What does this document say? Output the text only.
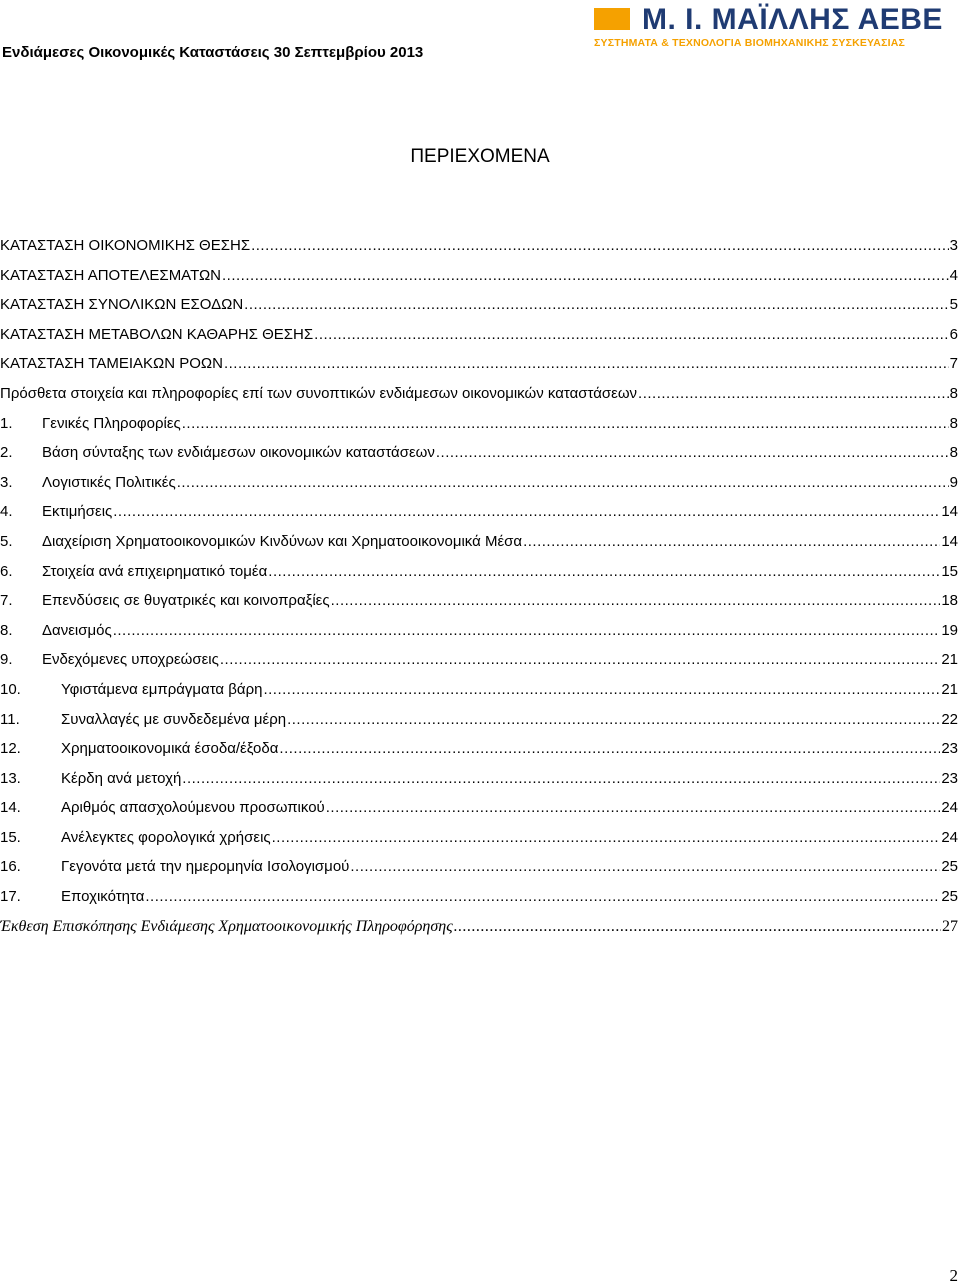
Ενδιάμεσες Οικονομικές Καταστάσεις 30 Σεπτεμβρίου 2013
Μ. Ι. ΜΑΪΛΛΗΣ ΑΕΒΕ
ΣΥΣΤΗΜΑΤΑ & ΤΕΧΝΟΛΟΓΙΑ ΒΙΟΜΗΧΑΝΙΚΗΣ ΣΥΣΚΕΥΑΣΙΑΣ
ΠΕΡΙΕΧΟΜΕΝΑ
ΚΑΤΑΣΤΑΣΗ ΟΙΚΟΝΟΜΙΚΗΣ ΘΕΣΗΣ .....	3
ΚΑΤΑΣΤΑΣΗ ΑΠΟΤΕΛΕΣΜΑΤΩΝ .....	4
ΚΑΤΑΣΤΑΣΗ ΣΥΝΟΛΙΚΩΝ ΕΣΟΔΩΝ .....	5
ΚΑΤΑΣΤΑΣΗ ΜΕΤΑΒΟΛΩΝ ΚΑΘΑΡΗΣ ΘΕΣΗΣ .....	6
ΚΑΤΑΣΤΑΣΗ ΤΑΜΕΙΑΚΩΝ ΡΟΩΝ .....	7
Πρόσθετα στοιχεία και πληροφορίες επί των συνοπτικών ενδιάμεσων οικονομικών καταστάσεων .....	8
1.	Γενικές Πληροφορίες .....	8
2.	Βάση σύνταξης των ενδιάμεσων οικονομικών καταστάσεων .....	8
3.	Λογιστικές Πολιτικές .....	9
4.	Εκτιμήσεις .....	14
5.	Διαχείριση Χρηματοοικονομικών Κινδύνων και Χρηματοοικονομικά Μέσα .....	14
6.	Στοιχεία ανά επιχειρηματικό τομέα .....	15
7.	Επενδύσεις σε θυγατρικές και κοινοπραξίες .....	18
8.	Δανεισμός .....	19
9.	Ενδεχόμενες υποχρεώσεις .....	21
10.	Υφιστάμενα εμπράγματα βάρη .....	21
11.	Συναλλαγές με συνδεδεμένα μέρη .....	22
12.	Χρηματοοικονομικά έσοδα/έξοδα .....	23
13.	Κέρδη ανά μετοχή .....	23
14.	Αριθμός απασχολούμενου προσωπικού .....	24
15.	Ανέλεγκτες φορολογικά χρήσεις .....	24
16.	Γεγονότα μετά την ημερομηνία Ισολογισμού .....	25
17.	Εποχικότητα .....	25
Έκθεση Επισκόπησης Ενδιάμεσης Χρηματοοικονομικής Πληροφόρησης .....	27
2
